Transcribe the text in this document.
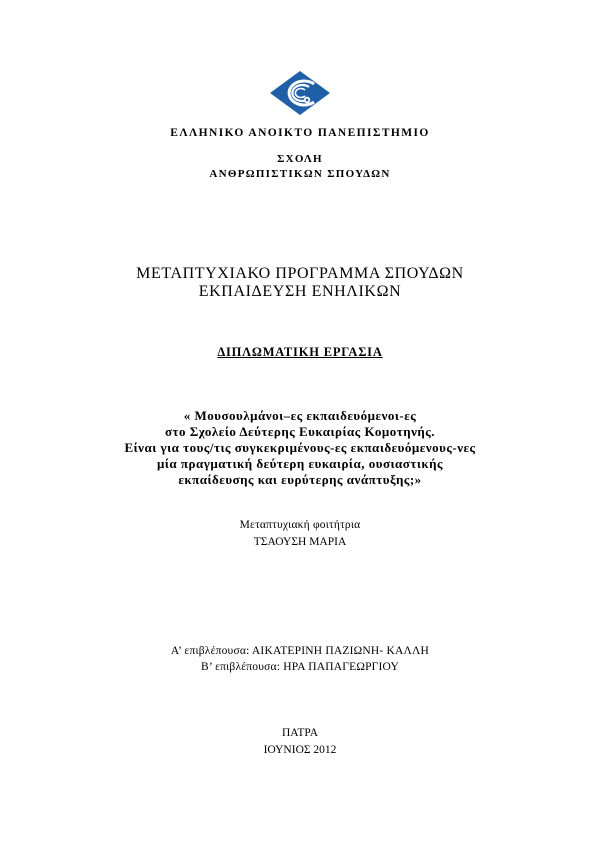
ΕΛΛΗΝΙΚΟ ΑΝΟΙΚΤΟ ΠΑΝΕΠΙΣΤΗΜΙΟ
ΣΧΟΛΗ
ΑΝΘΡΩΠΙΣΤΙΚΩΝ ΣΠΟΥΔΩΝ
ΜΕΤΑΠΤΥΧΙΑΚΟ ΠΡΟΓΡΑΜΜΑ ΣΠΟΥΔΩΝ
ΕΚΠΑΙΔΕΥΣΗ ΕΝΗΛΙΚΩΝ
ΔΙΠΛΩΜΑΤΙΚΗ ΕΡΓΑΣΙΑ
« Μουσουλμάνοι–ες εκπαιδευόμενοι-ες
στο Σχολείο Δεύτερης Ευκαιρίας Κομοτηνής.
Είναι για τους/τις συγκεκριμένους-ες εκπαιδευόμενους-νες
μία πραγματική δεύτερη ευκαιρία, ουσιαστικής
εκπαίδευσης και ευρύτερης ανάπτυξης;»
Μεταπτυχιακή φοιτήτρια
ΤΣΑΟΥΣΗ ΜΑΡΙΑ
Α’ επιβλέπουσα: ΑΙΚΑΤΕΡΙΝΗ ΠΑΖΙΩΝΗ- ΚΑΛΛΗ
Β’ επιβλέπουσα: ΗΡΑ ΠΑΠΑΓΕΩΡΓΙΟΥ
ΠΑΤΡΑ
ΙΟΥΝΙΟΣ 2012
